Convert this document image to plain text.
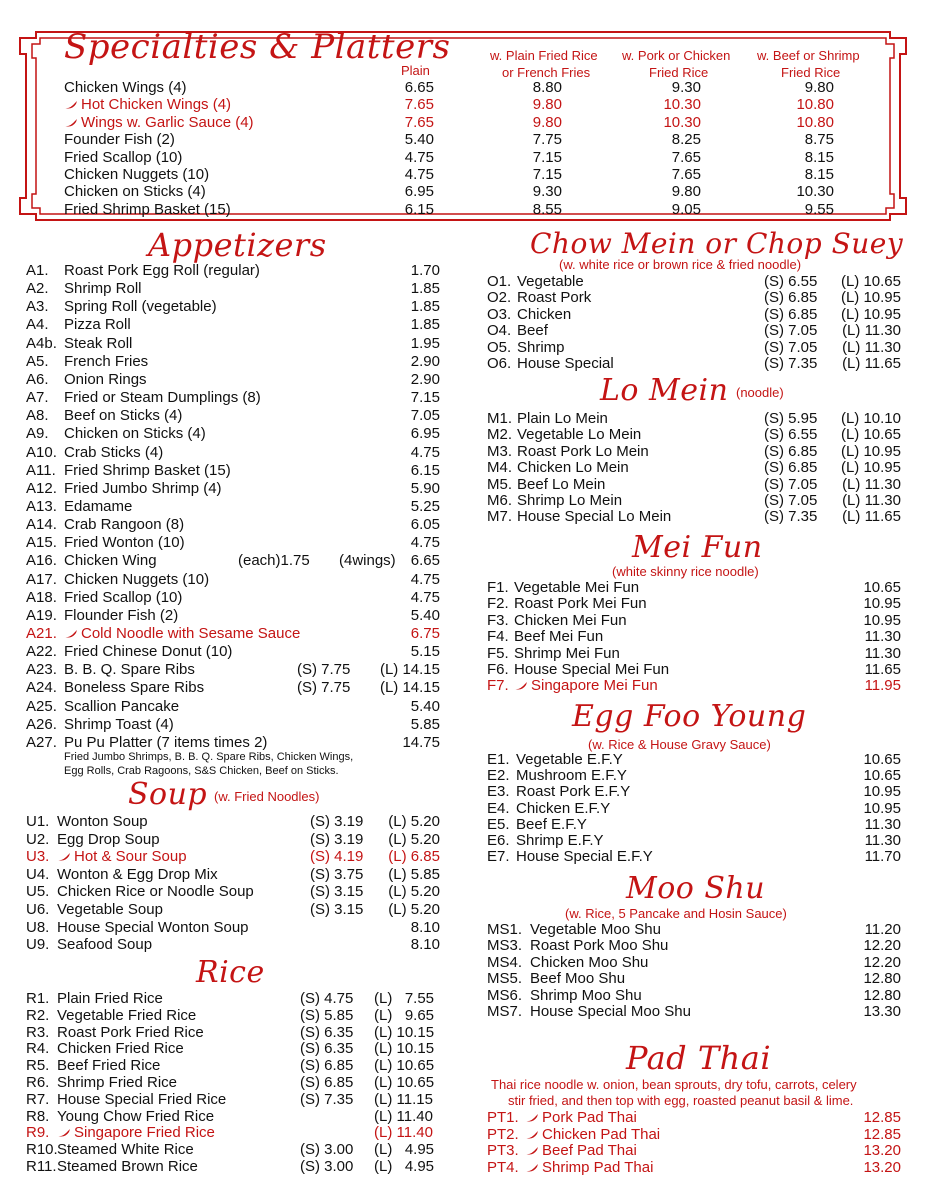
Specialties & Platters
Plain
w. Plain Fried Rice
or French Fries
w. Pork or Chicken
Fried Rice
w. Beef or Shrimp
Fried Rice
Chicken Wings (4)	6.65	8.80	9.30	9.80
Hot Chicken Wings (4)	7.65	9.80	10.30	10.80
Wings w. Garlic Sauce (4)	7.65	9.80	10.30	10.80
Founder Fish (2)	5.40	7.75	8.25	8.75
Fried Scallop (10)	4.75	7.15	7.65	8.15
Chicken Nuggets (10)	4.75	7.15	7.65	8.15
Chicken on Sticks (4)	6.95	9.30	9.80	10.30
Fried Shrimp Basket (15)	6.15	8.55	9.05	9.55
Appetizers
A1. Roast Pork Egg Roll (regular)	1.70
A2. Shrimp Roll	1.85
A3. Spring Roll (vegetable)	1.85
A4. Pizza Roll	1.85
A4b. Steak Roll	1.95
A5. French Fries	2.90
A6. Onion Rings	2.90
A7. Fried or Steam Dumplings (8)	7.15
A8. Beef on Sticks (4)	7.05
A9. Chicken on Sticks (4)	6.95
A10. Crab Sticks (4)	4.75
A11. Fried Shrimp Basket (15)	6.15
A12. Fried Jumbo Shrimp (4)	5.90
A13. Edamame	5.25
A14. Crab Rangoon (8)	6.05
A15. Fried Wonton (10)	4.75
A16. Chicken Wing	(each)1.75 (4wings)	6.65
A17. Chicken Nuggets (10)	4.75
A18. Fried Scallop (10)	4.75
A19. Flounder Fish (2)	5.40
A21.	Cold Noodle with Sesame Sauce	6.75
A22. Fried Chinese Donut (10)	5.15
A23. B. B. Q. Spare Ribs	(S) 7.75	(L) 14.15
A24. Boneless Spare Ribs	(S) 7.75	(L) 14.15
A25. Scallion Pancake	5.40
A26. Shrimp Toast (4)	5.85
A27. Pu Pu Platter (7 items times 2)	14.75
Fried Jumbo Shrimps, B. B. Q. Spare Ribs, Chicken Wings,
Egg Rolls, Crab Ragoons, S&S Chicken, Beef on Sticks.
Soup (w. Fried Noodles)
U1. Wonton Soup	(S) 3.19	(L) 5.20
U2. Egg Drop Soup	(S) 3.19	(L) 5.20
U3.	Hot & Sour Soup	(S) 4.19	(L) 6.85
U4. Wonton & Egg Drop Mix	(S) 3.75	(L) 5.85
U5. Chicken Rice or Noodle Soup	(S) 3.15	(L) 5.20
U6. Vegetable Soup	(S) 3.15	(L) 5.20
U8. House Special Wonton Soup	8.10
U9. Seafood Soup	8.10
Rice
R1. Plain Fried Rice	(S) 4.75 (L)   7.55
R2. Vegetable Fried Rice	(S) 5.85 (L)   9.65
R3. Roast Pork Fried Rice	(S) 6.35 (L) 10.15
R4. Chicken Fried Rice	(S) 6.35 (L) 10.15
R5. Beef Fried Rice	(S) 6.85 (L) 10.65
R6. Shrimp Fried Rice	(S) 6.85 (L) 10.65
R7. House Special Fried Rice	(S) 7.35 (L) 11.15
R8. Young Chow Fried Rice	(L) 11.40
R9.	Singapore Fried Rice	(L) 11.40
R10. Steamed White Rice	(S) 3.00 (L)   4.95
R11. Steamed Brown Rice	(S) 3.00 (L)   4.95
Chow Mein or Chop Suey
(w. white rice or brown rice & fried noodle)
O1. Vegetable	(S) 6.55	(L) 10.65
O2. Roast Pork	(S) 6.85	(L) 10.95
O3. Chicken	(S) 6.85	(L) 10.95
O4. Beef	(S) 7.05	(L) 11.30
O5. Shrimp	(S) 7.05	(L) 11.30
O6. House Special	(S) 7.35	(L) 11.65
Lo Mein (noodle)
M1. Plain Lo Mein	(S) 5.95	(L) 10.10
M2. Vegetable Lo Mein	(S) 6.55	(L) 10.65
M3. Roast Pork Lo Mein	(S) 6.85	(L) 10.95
M4. Chicken Lo Mein	(S) 6.85	(L) 10.95
M5. Beef Lo Mein	(S) 7.05	(L) 11.30
M6. Shrimp Lo Mein	(S) 7.05	(L) 11.30
M7. House Special Lo Mein	(S) 7.35	(L) 11.65
Mei Fun
(white skinny rice noodle)
F1. Vegetable Mei Fun	10.65
F2. Roast Pork Mei Fun	10.95
F3. Chicken Mei Fun	10.95
F4. Beef Mei Fun	11.30
F5. Shrimp Mei Fun	11.30
F6. House Special Mei Fun	11.65
F7.	Singapore Mei Fun	11.95
Egg Foo Young
(w. Rice & House Gravy Sauce)
E1. Vegetable E.F.Y	10.65
E2. Mushroom E.F.Y	10.65
E3. Roast Pork E.F.Y	10.95
E4. Chicken E.F.Y	10.95
E5. Beef E.F.Y	11.30
E6. Shrimp E.F.Y	11.30
E7. House Special E.F.Y	11.70
Moo Shu
(w. Rice, 5 Pancake and Hosin Sauce)
MS1. Vegetable Moo Shu	11.20
MS3. Roast Pork Moo Shu	12.20
MS4. Chicken Moo Shu	12.20
MS5. Beef Moo Shu	12.80
MS6. Shrimp Moo Shu	12.80
MS7. House Special Moo Shu	13.30
Pad Thai
Thai rice noodle w. onion, bean sprouts, dry tofu, carrots, celery
stir fried, and then top with egg, roasted peanut basil & lime.
PT1.	Pork Pad Thai	12.85
PT2.	Chicken Pad Thai	12.85
PT3.	Beef Pad Thai	13.20
PT4.	Shrimp Pad Thai	13.20
